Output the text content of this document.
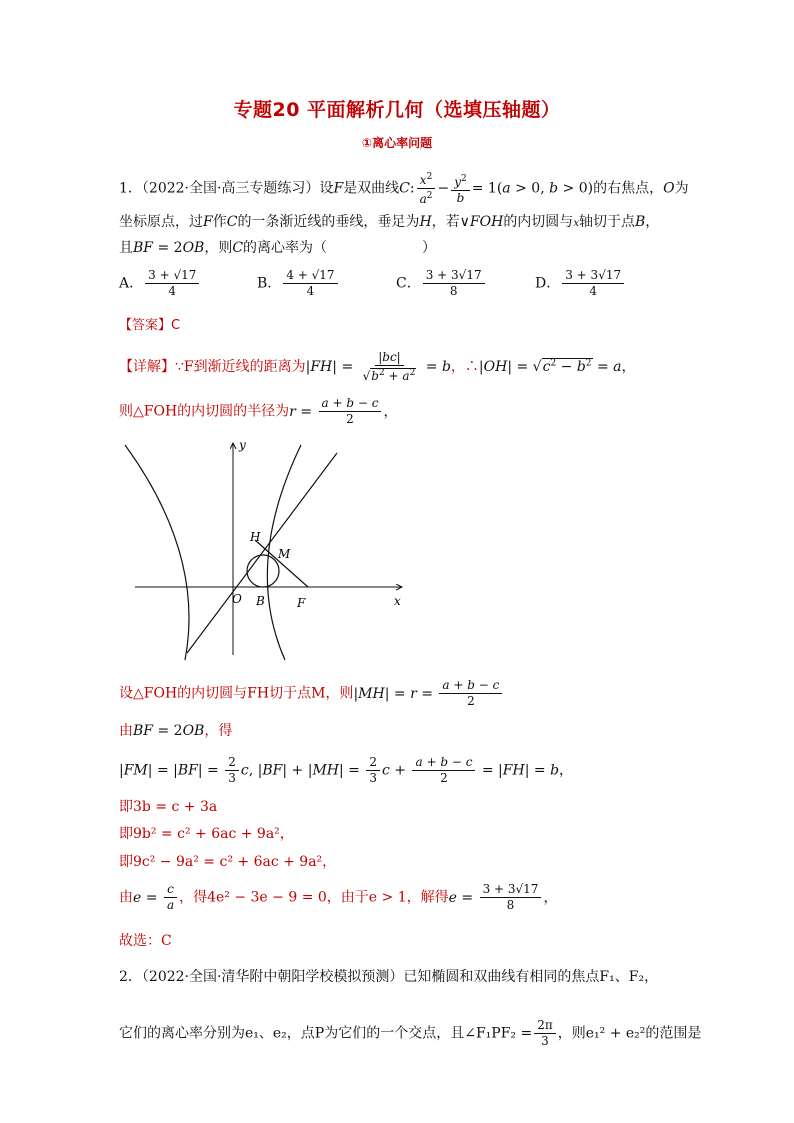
专题20 平面解析几何（选填压轴题）
①离心率问题
1．（2022·全国·高三专题练习）设F是双曲线C: $\frac{x^2}{a^2} - \frac{y^2}{b} = 1(a > 0$, b > 0)的右焦点，O为
坐标原点，过F作C的一条渐近线的垂线，垂足为H，若∨FOH的内切圆与x轴切于点B，
且BF = 2OB，则C的离心率为（	）
A． $\frac{3 + √17}{4}$	B． $\frac{4 + √17}{4}$	C． $\frac{3 + 3√17}{8}$	D． $\frac{3 + 3√17}{4}$
【答案】C
【详解】∵F到渐近线的距离为$|FH| = \frac{|bc|}{√b^2 + a^2} = b$，∴|OH| = $√c^2 - b^2 = a$，
则△FOH的内切圆的半径为$r = \frac{a + b - c}{2}$ ，
y
x
O B	F
H
M
设△FOH的内切圆与FH切于点M，则$|MH| = r = \frac{a + b - c}{2}$
由BF = 2OB，得
$|FM| = |BF| = \frac{2}{3} c$, $|BF| + |MH| = \frac{2}{3}$ $c + \frac{a + b - c}{2} = |FH| = b$，
即3b = c + 3a
即9b² = c² + 6ac + 9a²，
即9c² − 9a² = c² + 6ac + 9a²，
由$e = \frac{c}{a}$ ，得4e² − 3e − 9 = 0，由于e > 1，解得$e = \frac{3 + 3√17}{8}$ ，
故选：C
2．（2022·全国·清华附中朝阳学校模拟预测）已知椭圆和双曲线有相同的焦点F₁、F₂，
它们的离心率分别为e₁、e₂，点P为它们的一个交点，且∠F₁PF₂ = $\frac{2\pi}{3}$ ，则e₁² + e₂²的范围是
